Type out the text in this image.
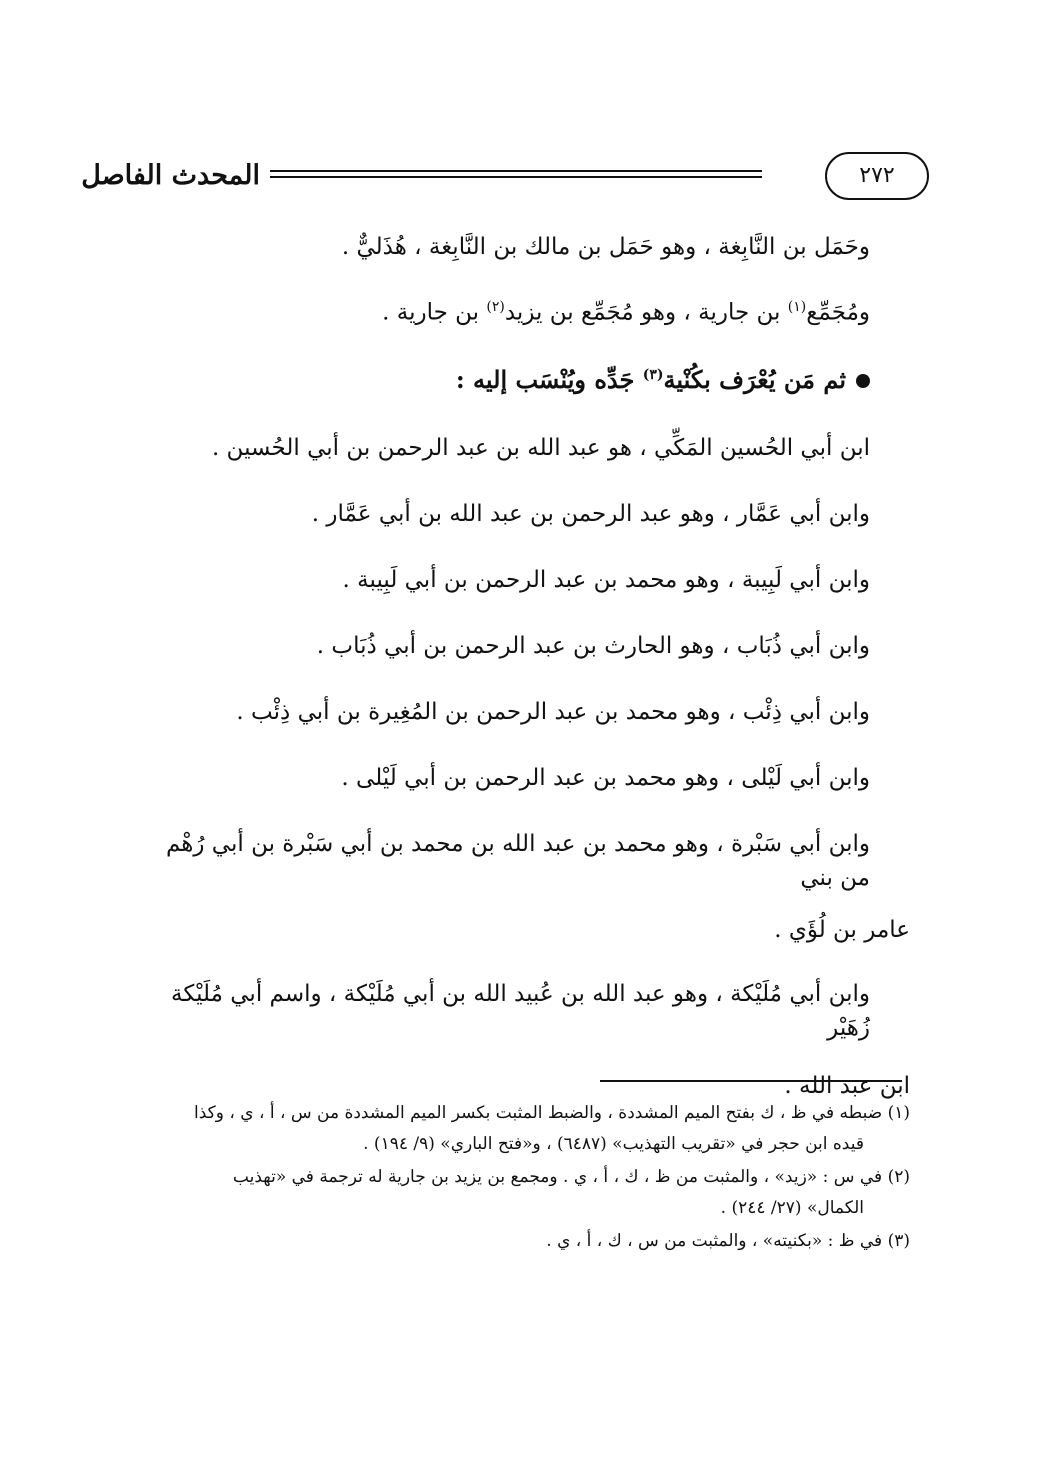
المحدث الفاصل	٢٧٢

وحَمَل بن النَّابِغة ، وهو حَمَل بن مالك بن النَّابِغة ، هُذَليٌّ .

ومُجَمِّع$^{(١)}$ بن جارية ، وهو مُجَمِّع بن يزيد$^{(٢)}$ بن جارية .

ثم مَن يُعْرَف بكُنْية$^{(٣)}$ جَدِّه ويُنْسَب إليه :

ابن أبي الحُسين المَكِّي ، هو عبد الله بن عبد الرحمن بن أبي الحُسين .

وابن أبي عَمَّار ، وهو عبد الرحمن بن عبد الله بن أبي عَمَّار .

وابن أبي لَبِيبة ، وهو محمد بن عبد الرحمن بن أبي لَبِيبة .

وابن أبي ذُبَاب ، وهو الحارث بن عبد الرحمن بن أبي ذُبَاب .

وابن أبي ذِئْب ، وهو محمد بن عبد الرحمن بن المُغِيرة بن أبي ذِئْب .

وابن أبي لَيْلى ، وهو محمد بن عبد الرحمن بن أبي لَيْلى .

وابن أبي سَبْرة ، وهو محمد بن عبد الله بن محمد بن أبي سَبْرة بن أبي رُهْم من بني

عامر بن لُؤَي .

وابن أبي مُلَيْكة ، وهو عبد الله بن عُبيد الله بن أبي مُلَيْكة ، واسم أبي مُلَيْكة زُهَيْر

ابن عبد الله .

(١) ضبطه في ظ ، ك بفتح الميم المشددة ، والضبط المثبت بكسر الميم المشددة من س ، أ ، ي ، وكذا
قيده ابن حجر في «تقريب التهذيب» (٦٤٨٧) ، و«فتح الباري» (٩/ ١٩٤) .

(٢) في س : «زيد» ، والمثبت من ظ ، ك ، أ ، ي . ومجمع بن يزيد بن جارية له ترجمة في «تهذيب
الكمال» (٢٧/ ٢٤٤) .

(٣) في ظ : «بكنيته» ، والمثبت من س ، ك ، أ ، ي .
